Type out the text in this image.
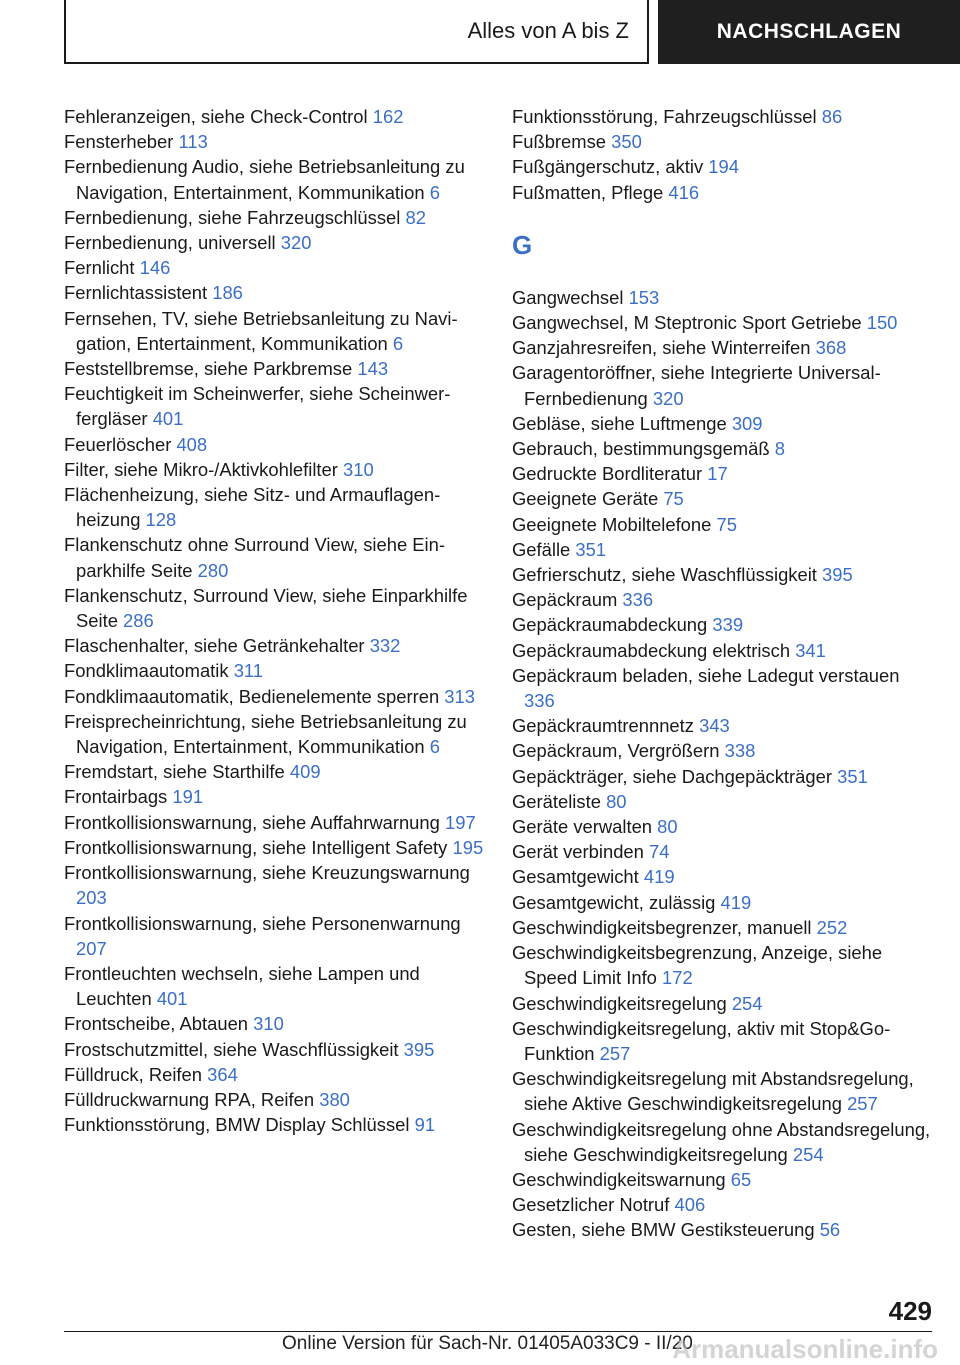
Alles von A bis Z	NACHSCHLAGEN
Fehleranzeigen, siehe Check-Control 162
Fensterheber 113
Fernbedienung Audio, siehe Betriebsanleitung zu Navigation, Entertainment, Kommunikation 6
Fernbedienung, siehe Fahrzeugschlüssel 82
Fernbedienung, universell 320
Fernlicht 146
Fernlichtassistent 186
Fernsehen, TV, siehe Betriebsanleitung zu Navigation, Entertainment, Kommunikation 6
Feststellbremse, siehe Parkbremse 143
Feuchtigkeit im Scheinwerfer, siehe Scheinwerfergläser 401
Feuerlöscher 408
Filter, siehe Mikro-/Aktivkohlefilter 310
Flächenheizung, siehe Sitz- und Armauflagenheizung 128
Flankenschutz ohne Surround View, siehe Einparkhilfe Seite 280
Flankenschutz, Surround View, siehe Einparkhilfe Seite 286
Flaschenhalter, siehe Getränkehalter 332
Fondklimaautomatik 311
Fondklimaautomatik, Bedienelemente sperren 313
Freisprecheinrichtung, siehe Betriebsanleitung zu Navigation, Entertainment, Kommunikation 6
Fremdstart, siehe Starthilfe 409
Frontairbags 191
Frontkollisionswarnung, siehe Auffahrwarnung 197
Frontkollisionswarnung, siehe Intelligent Safety 195
Frontkollisionswarnung, siehe Kreuzungswarnung 203
Frontkollisionswarnung, siehe Personenwarnung 207
Frontleuchten wechseln, siehe Lampen und Leuchten 401
Frontscheibe, Abtauen 310
Frostschutzmittel, siehe Waschflüssigkeit 395
Fülldruck, Reifen 364
Fülldruckwarnung RPA, Reifen 380
Funktionsstörung, BMW Display Schlüssel 91
Funktionsstörung, Fahrzeugschlüssel 86
Fußbremse 350
Fußgängerschutz, aktiv 194
Fußmatten, Pflege 416
G
Gangwechsel 153
Gangwechsel, M Steptronic Sport Getriebe 150
Ganzjahresreifen, siehe Winterreifen 368
Garagentoröffner, siehe Integrierte Universal-Fernbedienung 320
Gebläse, siehe Luftmenge 309
Gebrauch, bestimmungsgemäß 8
Gedruckte Bordliteratur 17
Geeignete Geräte 75
Geeignete Mobiltelefone 75
Gefälle 351
Gefrierschutz, siehe Waschflüssigkeit 395
Gepäckraum 336
Gepäckraumabdeckung 339
Gepäckraumabdeckung elektrisch 341
Gepäckraum beladen, siehe Ladegut verstauen 336
Gepäckraumtrennnetz 343
Gepäckraum, Vergrößern 338
Gepäckträger, siehe Dachgepäckträger 351
Geräteliste 80
Geräte verwalten 80
Gerät verbinden 74
Gesamtgewicht 419
Gesamtgewicht, zulässig 419
Geschwindigkeitsbegrenzer, manuell 252
Geschwindigkeitsbegrenzung, Anzeige, siehe Speed Limit Info 172
Geschwindigkeitsregelung 254
Geschwindigkeitsregelung, aktiv mit Stop&Go-Funktion 257
Geschwindigkeitsregelung mit Abstandsregelung, siehe Aktive Geschwindigkeitsregelung 257
Geschwindigkeitsregelung ohne Abstandsregelung, siehe Geschwindigkeitsregelung 254
Geschwindigkeitswarnung 65
Gesetzlicher Notruf 406
Gesten, siehe BMW Gestiksteuerung 56
429
Online Version für Sach-Nr. 01405A033C9 - II/20
Armanualsonline.info
